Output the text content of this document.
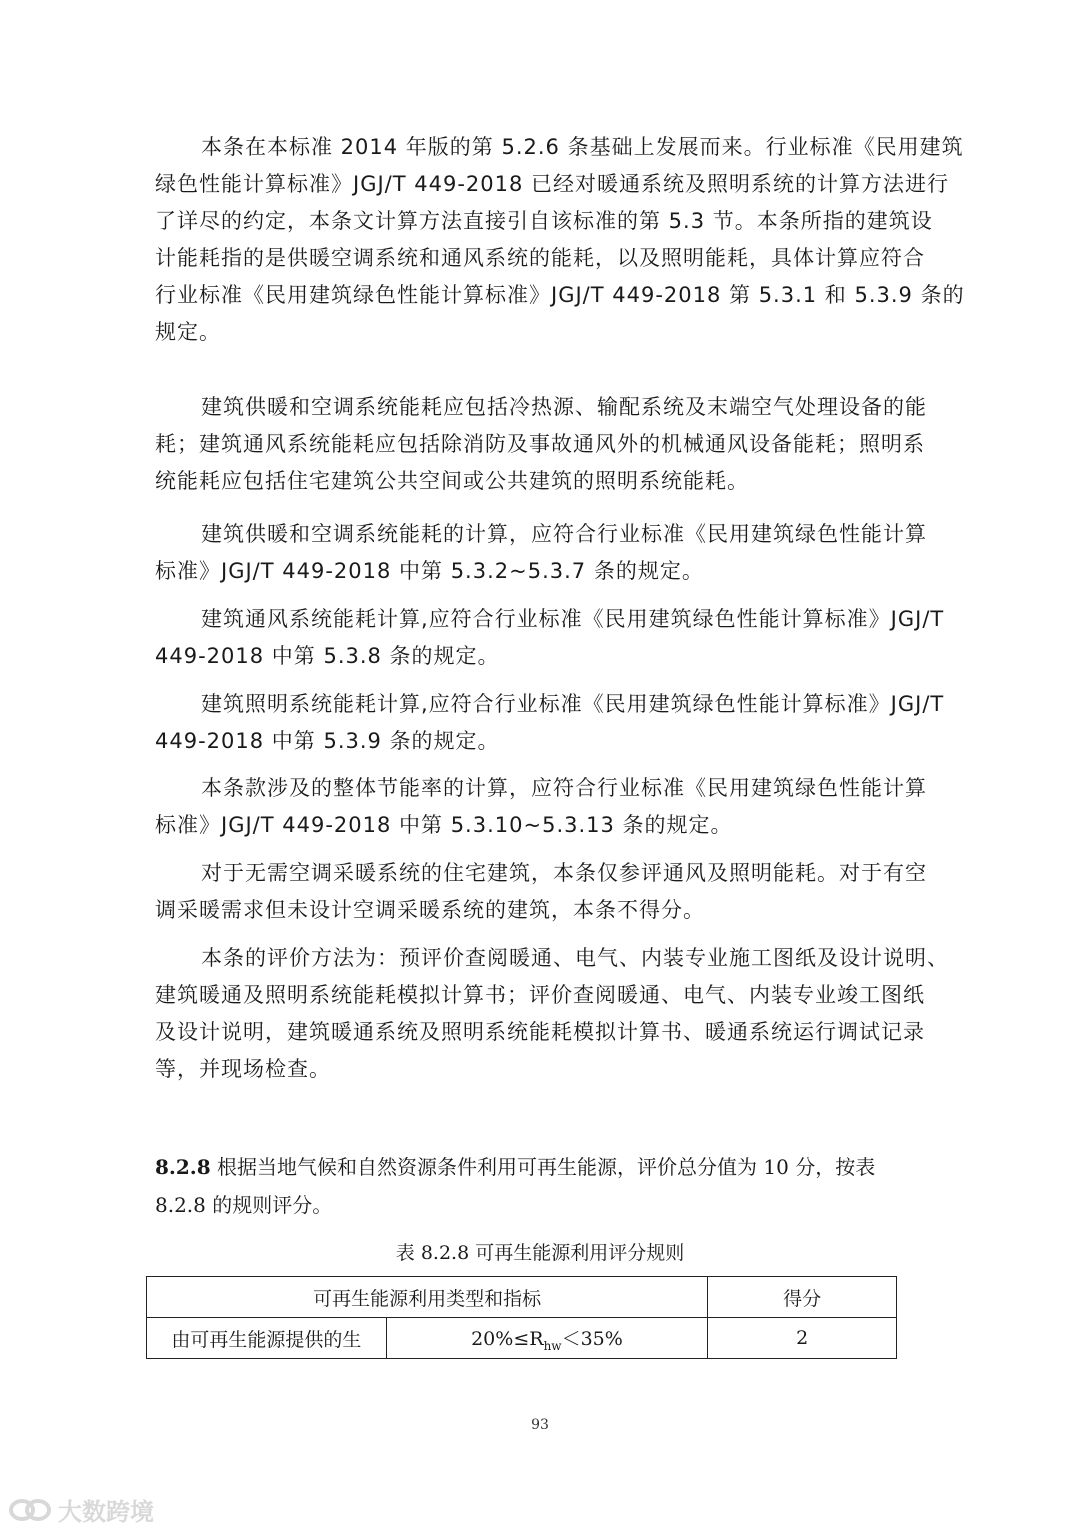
本条在本标准 2014 年版的第 5.2.6 条基础上发展而来。行业标准《民用建筑
绿色性能计算标准》JGJ/T 449-2018 已经对暖通系统及照明系统的计算方法进行
了详尽的约定，本条文计算方法直接引自该标准的第 5.3 节。本条所指的建筑设
计能耗指的是供暖空调系统和通风系统的能耗，以及照明能耗，具体计算应符合
行业标准《民用建筑绿色性能计算标准》JGJ/T 449-2018 第 5.3.1 和 5.3.9 条的
规定。
建筑供暖和空调系统能耗应包括冷热源、输配系统及末端空气处理设备的能
耗；建筑通风系统能耗应包括除消防及事故通风外的机械通风设备能耗；照明系
统能耗应包括住宅建筑公共空间或公共建筑的照明系统能耗。
建筑供暖和空调系统能耗的计算，应符合行业标准《民用建筑绿色性能计算
标准》JGJ/T 449-2018 中第 5.3.2~5.3.7 条的规定。
建筑通风系统能耗计算,应符合行业标准《民用建筑绿色性能计算标准》JGJ/T
449-2018 中第 5.3.8 条的规定。
建筑照明系统能耗计算,应符合行业标准《民用建筑绿色性能计算标准》JGJ/T
449-2018 中第 5.3.9 条的规定。
本条款涉及的整体节能率的计算，应符合行业标准《民用建筑绿色性能计算
标准》JGJ/T 449-2018 中第 5.3.10~5.3.13 条的规定。
对于无需空调采暖系统的住宅建筑，本条仅参评通风及照明能耗。对于有空
调采暖需求但未设计空调采暖系统的建筑，本条不得分。
本条的评价方法为：预评价查阅暖通、电气、内装专业施工图纸及设计说明、
建筑暖通及照明系统能耗模拟计算书；评价查阅暖通、电气、内装专业竣工图纸
及设计说明，建筑暖通系统及照明系统能耗模拟计算书、暖通系统运行调试记录
等，并现场检查。
8.2.8 根据当地气候和自然资源条件利用可再生能源，评价总分值为 10 分，按表
8.2.8 的规则评分。
表 8.2.8 可再生能源利用评分规则
可再生能源利用类型和指标		得分
由可再生能源提供的生	$20\%\le R_{hw}<35\%$	2
93
大数跨境
